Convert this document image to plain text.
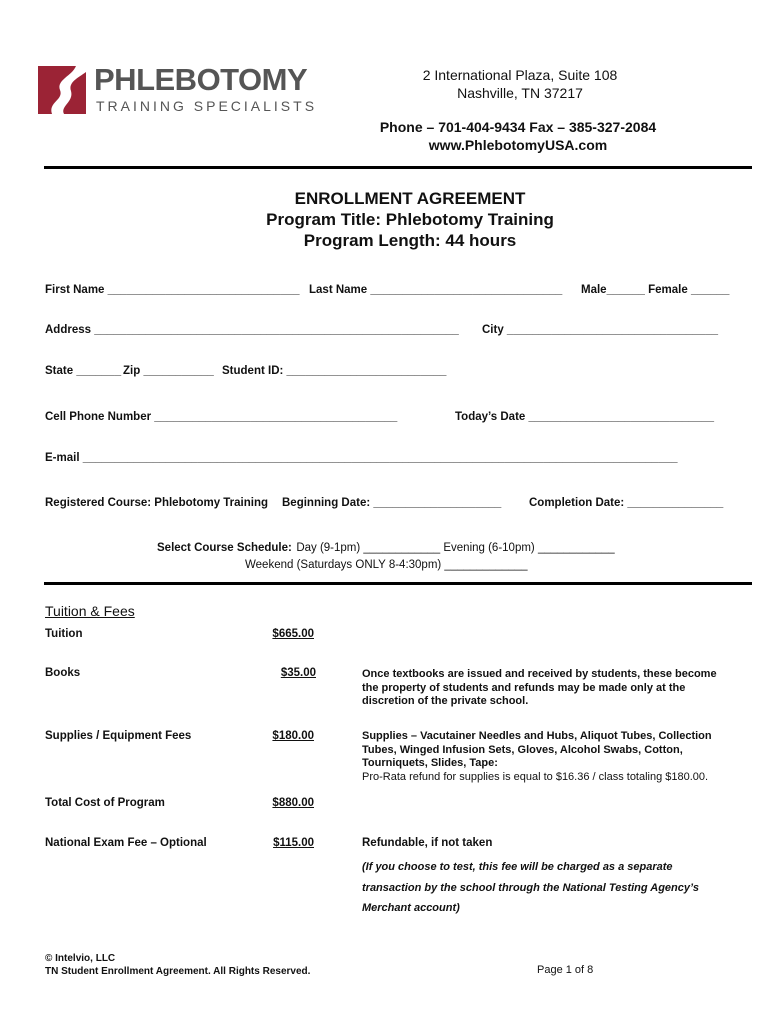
PHLEBOTOMY
TRAINING SPECIALISTS
2 International Plaza, Suite 108
Nashville, TN 37217
Phone – 701-404-9434 Fax – 385-327-2084
www.PhlebotomyUSA.com
ENROLLMENT AGREEMENT
Program Title: Phlebotomy Training
Program Length: 44 hours
First Name ______________________________ Last Name ______________________________ Male______ Female ______
Address _________________________________________________________ City _________________________________
State _______ Zip ___________ Student ID: _________________________
Cell Phone Number ______________________________________	Today’s Date _____________________________
E-mail _____________________________________________________________________________________________
Registered Course: Phlebotomy Training Beginning Date: ____________________ Completion Date: _______________
Select Course Schedule: Day (9-1pm) ____________ Evening (6-10pm) ____________
Weekend (Saturdays ONLY 8-4:30pm) _____________
Tuition & Fees
Tuition	$665.00
Books	$35.00	Once textbooks are issued and received by students, these become the property of students and refunds may be made only at the discretion of the private school.
Supplies / Equipment Fees	$180.00	Supplies – Vacutainer Needles and Hubs, Aliquot Tubes, Collection Tubes, Winged Infusion Sets, Gloves, Alcohol Swabs, Cotton, Tourniquets, Slides, Tape:
Pro-Rata refund for supplies is equal to $16.36 / class totaling $180.00.
Total Cost of Program	$880.00
National Exam Fee – Optional	$115.00	Refundable, if not taken
(If you choose to test, this fee will be charged as a separate transaction by the school through the National Testing Agency’s Merchant account)
© Intelvio, LLC
TN Student Enrollment Agreement. All Rights Reserved.	Page 1 of 8
